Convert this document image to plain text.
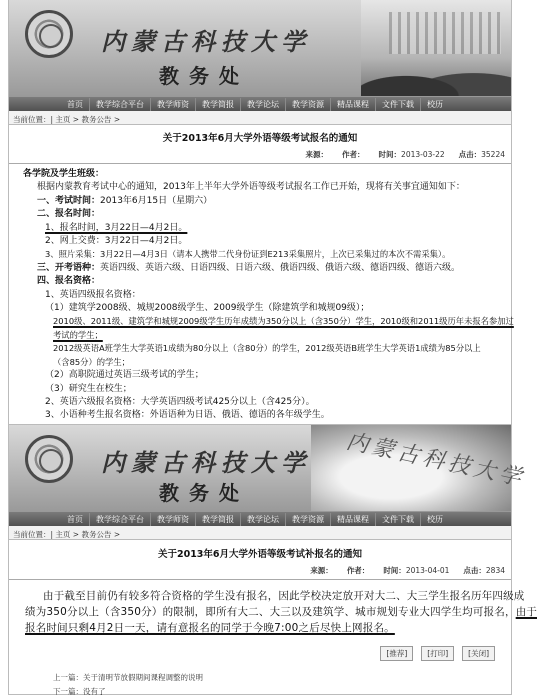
内蒙古科技大学
教务处
首页	教学综合平台	教学师资	教学简报	教学论坛	教学资源	精品课程	文件下载	校历
当前位置：| 主页 > 教务公告 >
关于2013年6月大学外语等级考试报名的通知
来源： 作者： 时间：2013-03-22 点击：35224
各学院及学生班级：
根据内蒙教育考试中心的通知，2013年上半年大学外语等级考试报名工作已开始，现将有关事宜通知如下：
一、考试时间：2013年6月15日（星期六）
二、报名时间：
1、报名时间，3月22日—4月2日。
2、网上交费：3月22日—4月2日。
3、照片采集：3月22日—4月3日（请本人携带二代身份证到E213采集照片，上次已采集过的本次不需采集）。
三、开考语种：英语四级、英语六级、日语四级、日语六级、俄语四级、俄语六级、德语四级、德语六级。
四、报名资格：
1、英语四级报名资格：
（1）建筑学2008级、城规2008级学生、2009级学生（除建筑学和城规09级）；
2010级、2011级、建筑学和城规2009级学生历年成绩为350分以上（含350分）学生，2010级和2011级历年未报名参加过
考试的学生；
2012级英语A班学生大学英语1成绩为80分以上（含80分）的学生，2012级英语B班学生大学英语1成绩为85分以上
（含85分）的学生；
（2）高职院通过英语三级考试的学生；
（3）研究生在校生；
2、英语六级报名资格：大学英语四级考试425分以上（含425分）。
3、小语种考生报名资格：外语语种为日语、俄语、德语的各年级学生。
内蒙古科技大学
教务处
内蒙古科技大学
首页	教学综合平台	教学师资	教学简报	教学论坛	教学资源	精品课程	文件下载	校历
当前位置：| 主页 > 教务公告 >
关于2013年6月大学外语等级考试补报名的通知
来源： 作者： 时间：2013-04-01 点击：2834
由于截至目前仍有较多符合资格的学生没有报名，因此学校决定放开对大二、大三学生报名历年四级成
绩为350分以上（含350分）的限制，即所有大二、大三以及建筑学、城市规划专业大四学生均可报名，由于
报名时间只剩4月2日一天，请有意报名的同学于今晚7:00之后尽快上网报名。
[推荐]	[打印]	[关闭]
上一篇：关于清明节放假期间课程调整的说明
下一篇：没有了
